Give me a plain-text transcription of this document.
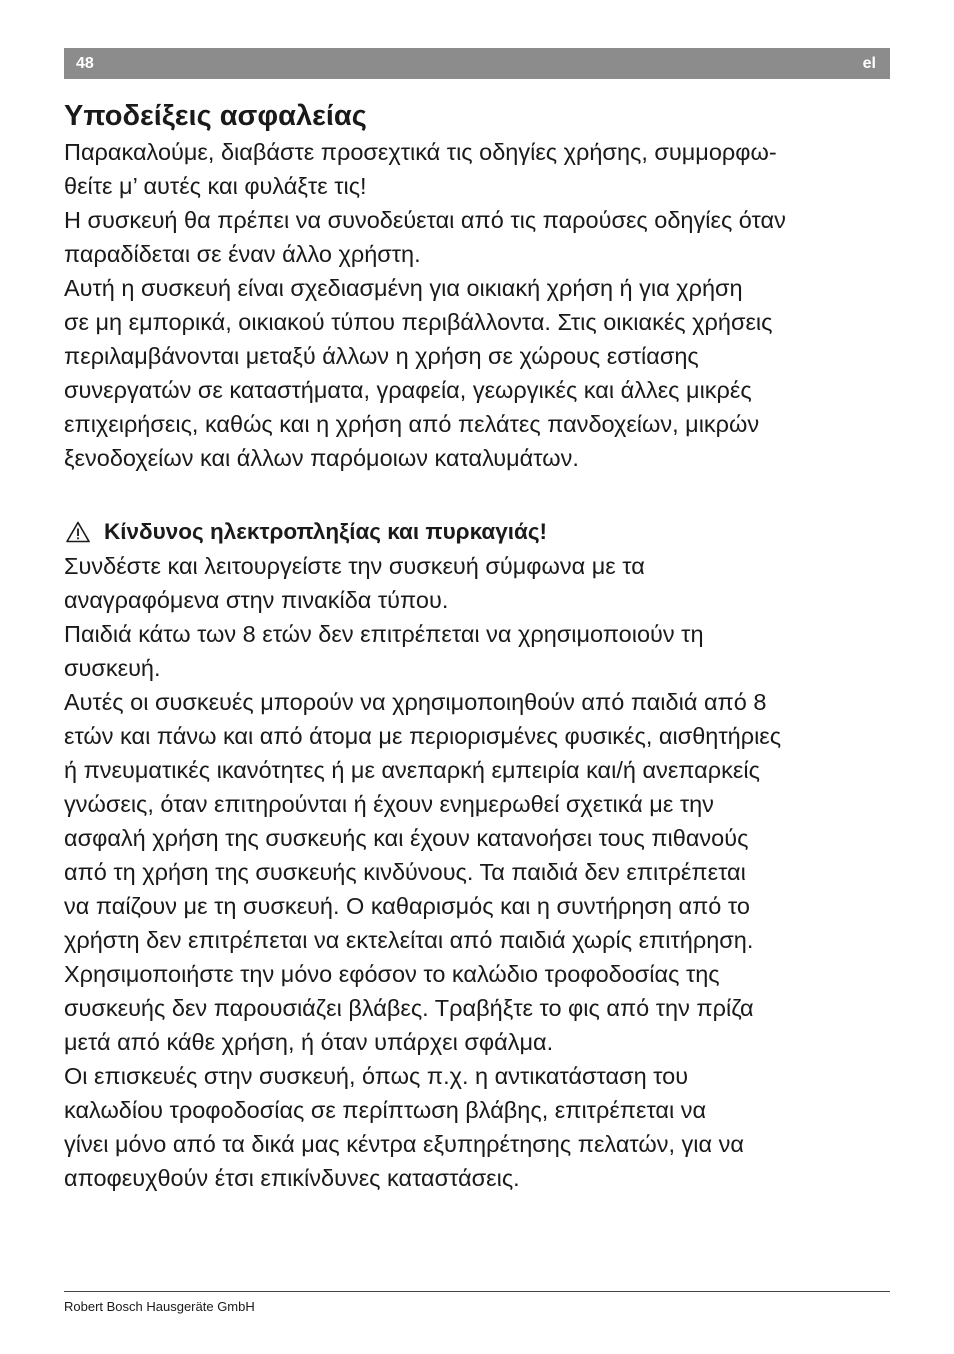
48	el
Υποδείξεις ασφαλείας

Παρακαλούμε, διαβάστε προσεχτικά τις οδηγίες χρήσης, συμμορφω-
θείτε μ’ αυτές και φυλάξτε τις!
Η συσκευή θα πρέπει να συνοδεύεται από τις παρούσες οδηγίες όταν
παραδίδεται σε έναν άλλο χρήστη.
Αυτή η συσκευή είναι σχεδιασμένη για οικιακή χρήση ή για χρήση
σε μη εμπορικά, οικιακού τύπου περιβάλλοντα. Στις οικιακές χρήσεις
περιλαμβάνονται μεταξύ άλλων η χρήση σε χώρους εστίασης
συνεργατών σε καταστήματα, γραφεία, γεωργικές και άλλες μικρές
επιχειρήσεις, καθώς και η χρήση από πελάτες πανδοχείων, μικρών
ξενοδοχείων και άλλων παρόμοιων καταλυμάτων.

Κίνδυνος ηλεκτροπληξίας και πυρκαγιάς!

Συνδέστε και λειτουργείστε την συσκευή σύμφωνα με τα
αναγραφόμενα στην πινακίδα τύπου.
Παιδιά κάτω των 8 ετών δεν επιτρέπεται να χρησιμοποιούν τη
συσκευή.
Αυτές οι συσκευές μπορούν να χρησιμοποιηθούν από παιδιά από 8
ετών και πάνω και από άτομα με περιορισμένες φυσικές, αισθητήριες
ή πνευματικές ικανότητες ή με ανεπαρκή εμπειρία και/ή ανεπαρκείς
γνώσεις, όταν επιτηρούνται ή έχουν ενημερωθεί σχετικά με την
ασφαλή χρήση της συσκευής και έχουν κατανοήσει τους πιθανούς
από τη χρήση της συσκευής κινδύνους. Τα παιδιά δεν επιτρέπεται
να παίζουν με τη συσκευή. Ο καθαρισμός και η συντήρηση από το
χρήστη δεν επιτρέπεται να εκτελείται από παιδιά χωρίς επιτήρηση.
Χρησιμοποιήστε την μόνο εφόσον το καλώδιο τροφοδοσίας της
συσκευής δεν παρουσιάζει βλάβες. Τραβήξτε το φις από την πρίζα
μετά από κάθε χρήση, ή όταν υπάρχει σφάλμα.
Οι επισκευές στην συσκευή, όπως π.χ. η αντικατάσταση του
καλωδίου τροφοδοσίας σε περίπτωση βλάβης, επιτρέπεται να
γίνει μόνο από τα δικά μας κέντρα εξυπηρέτησης πελατών, για να
αποφευχθούν έτσι επικίνδυνες καταστάσεις.

Robert Bosch Hausgeräte GmbH
